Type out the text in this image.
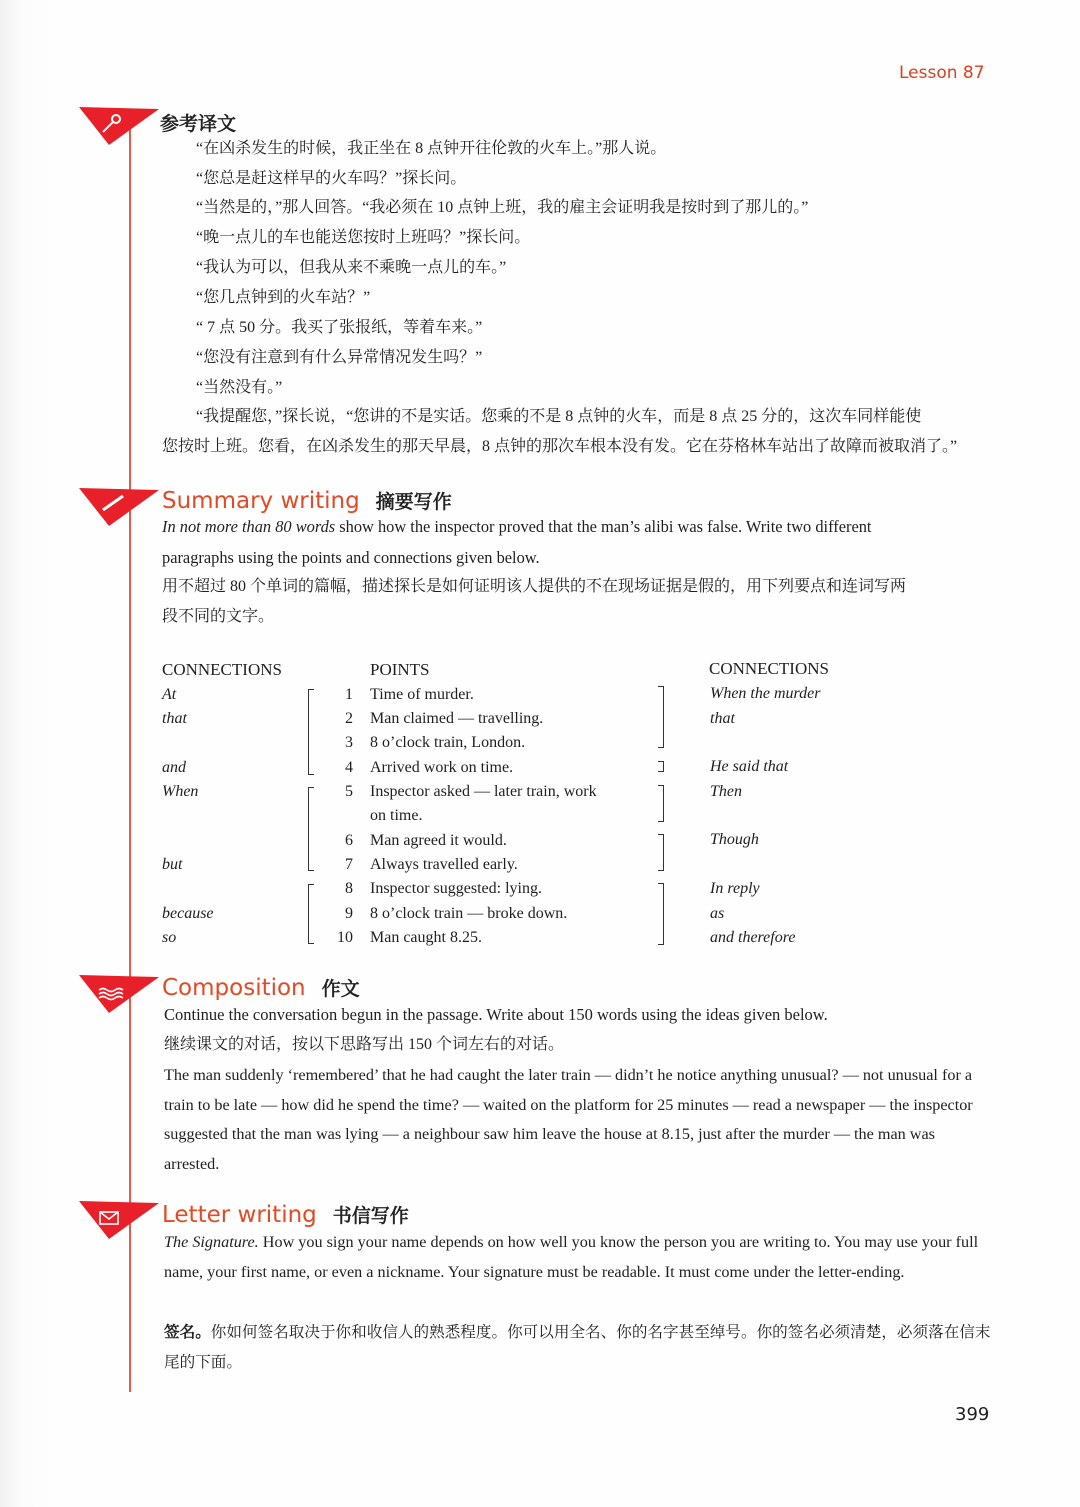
Lesson 87
参考译文
“在凶杀发生的时候，我正坐在 8 点钟开往伦敦的火车上。”那人说。
“您总是赶这样早的火车吗？”探长问。
“当然是的，”那人回答。“我必须在 10 点钟上班，我的雇主会证明我是按时到了那儿的。”
“晚一点儿的车也能送您按时上班吗？”探长问。
“我认为可以，但我从来不乘晚一点儿的车。”
“您几点钟到的火车站？”
“ 7 点 50 分。我买了张报纸，等着车来。”
“您没有注意到有什么异常情况发生吗？”
“当然没有。”
“我提醒您，”探长说，“您讲的不是实话。您乘的不是 8 点钟的火车，而是 8 点 25 分的，这次车同样能使
您按时上班。您看，在凶杀发生的那天早晨，8 点钟的那次车根本没有发。它在芬格林车站出了故障而被取消了。”
Summary writing 摘要写作
In not more than 80 words show how the inspector proved that the man’s alibi was false. Write two different
paragraphs using the points and connections given below.
用不超过 80 个单词的篇幅，描述探长是如何证明该人提供的不在现场证据是假的，用下列要点和连词写两
段不同的文字。
CONNECTIONS	POINTS	CONNECTIONS
At
that
and
When
but
because
so
1
2
3
4
5
6
7
8
9
10
Time of murder.
Man claimed — travelling.
8 o’clock train, London.
Arrived work on time.
Inspector asked — later train, work
on time.
Man agreed it would.
Always travelled early.
Inspector suggested: lying.
8 o’clock train — broke down.
Man caught 8.25.
When the murder
that
He said that
Then
Though
In reply
as
and therefore
Composition 作文
Continue the conversation begun in the passage. Write about 150 words using the ideas given below.
继续课文的对话，按以下思路写出 150 个词左右的对话。
The man suddenly ‘remembered’ that he had caught the later train — didn’t he notice anything unusual? — not unusual for a train to be late — how did he spend the time? — waited on the platform for 25 minutes — read a newspaper — the inspector suggested that the man was lying — a neighbour saw him leave the house at 8.15, just after the murder — the man was arrested.
Letter writing 书信写作
The Signature. How you sign your name depends on how well you know the person you are writing to. You may use your full name, your first name, or even a nickname. Your signature must be readable. It must come under the letter-ending.
签名。你如何签名取决于你和收信人的熟悉程度。你可以用全名、你的名字甚至绰号。你的签名必须清楚，必须落在信末尾的下面。
399
